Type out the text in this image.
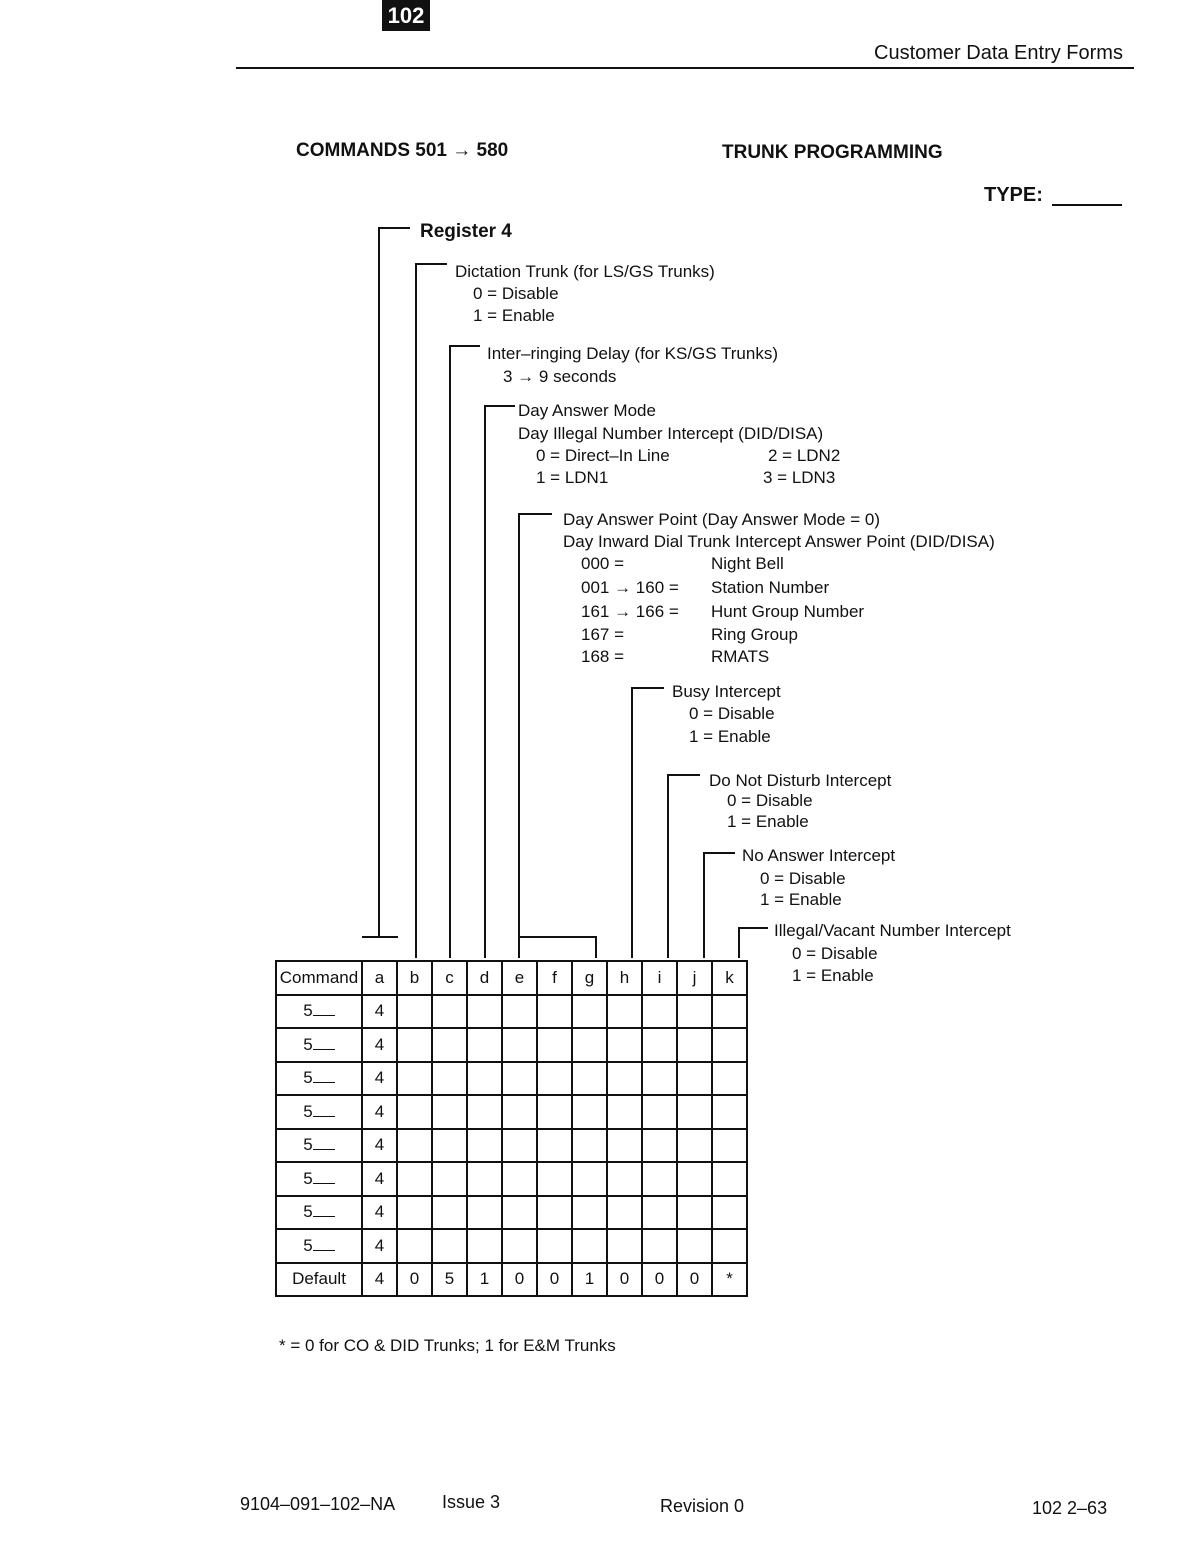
102
Customer Data Entry Forms
COMMANDS 501 → 580	TRUNK PROGRAMMING
TYPE:
Register 4
Dictation Trunk (for LS/GS Trunks)
0 = Disable
1 = Enable
Inter–ringing Delay (for KS/GS Trunks)
3 → 9 seconds
Day Answer Mode
Day Illegal Number Intercept (DID/DISA)
0 = Direct–In Line
1 = LDN1
2 = LDN2
3 = LDN3
Day Answer Point (Day Answer Mode = 0)
Day Inward Dial Trunk Intercept Answer Point (DID/DISA)
000 =	Night Bell
001 → 160 = Station Number
161 → 166 = Hunt Group Number
167 =	Ring Group
168 =	RMATS
Busy Intercept
0 = Disable
1 = Enable
Do Not Disturb Intercept
0 = Disable
1 = Enable
No Answer Intercept
0 = Disable
1 = Enable
Illegal/Vacant Number Intercept
0 = Disable
1 = Enable
Command	a	b	c	d	e	f	g	h	i	j	k
5	4										
5	4										
5	4										
5	4										
5	4										
5	4										
5	4										
5	4										
Default	4	0	5	1	0	0	1	0	0	0	*
* = 0 for CO & DID Trunks; 1 for E&M Trunks
9104–091–102–NA	Issue 3	Revision 0	102 2–63
